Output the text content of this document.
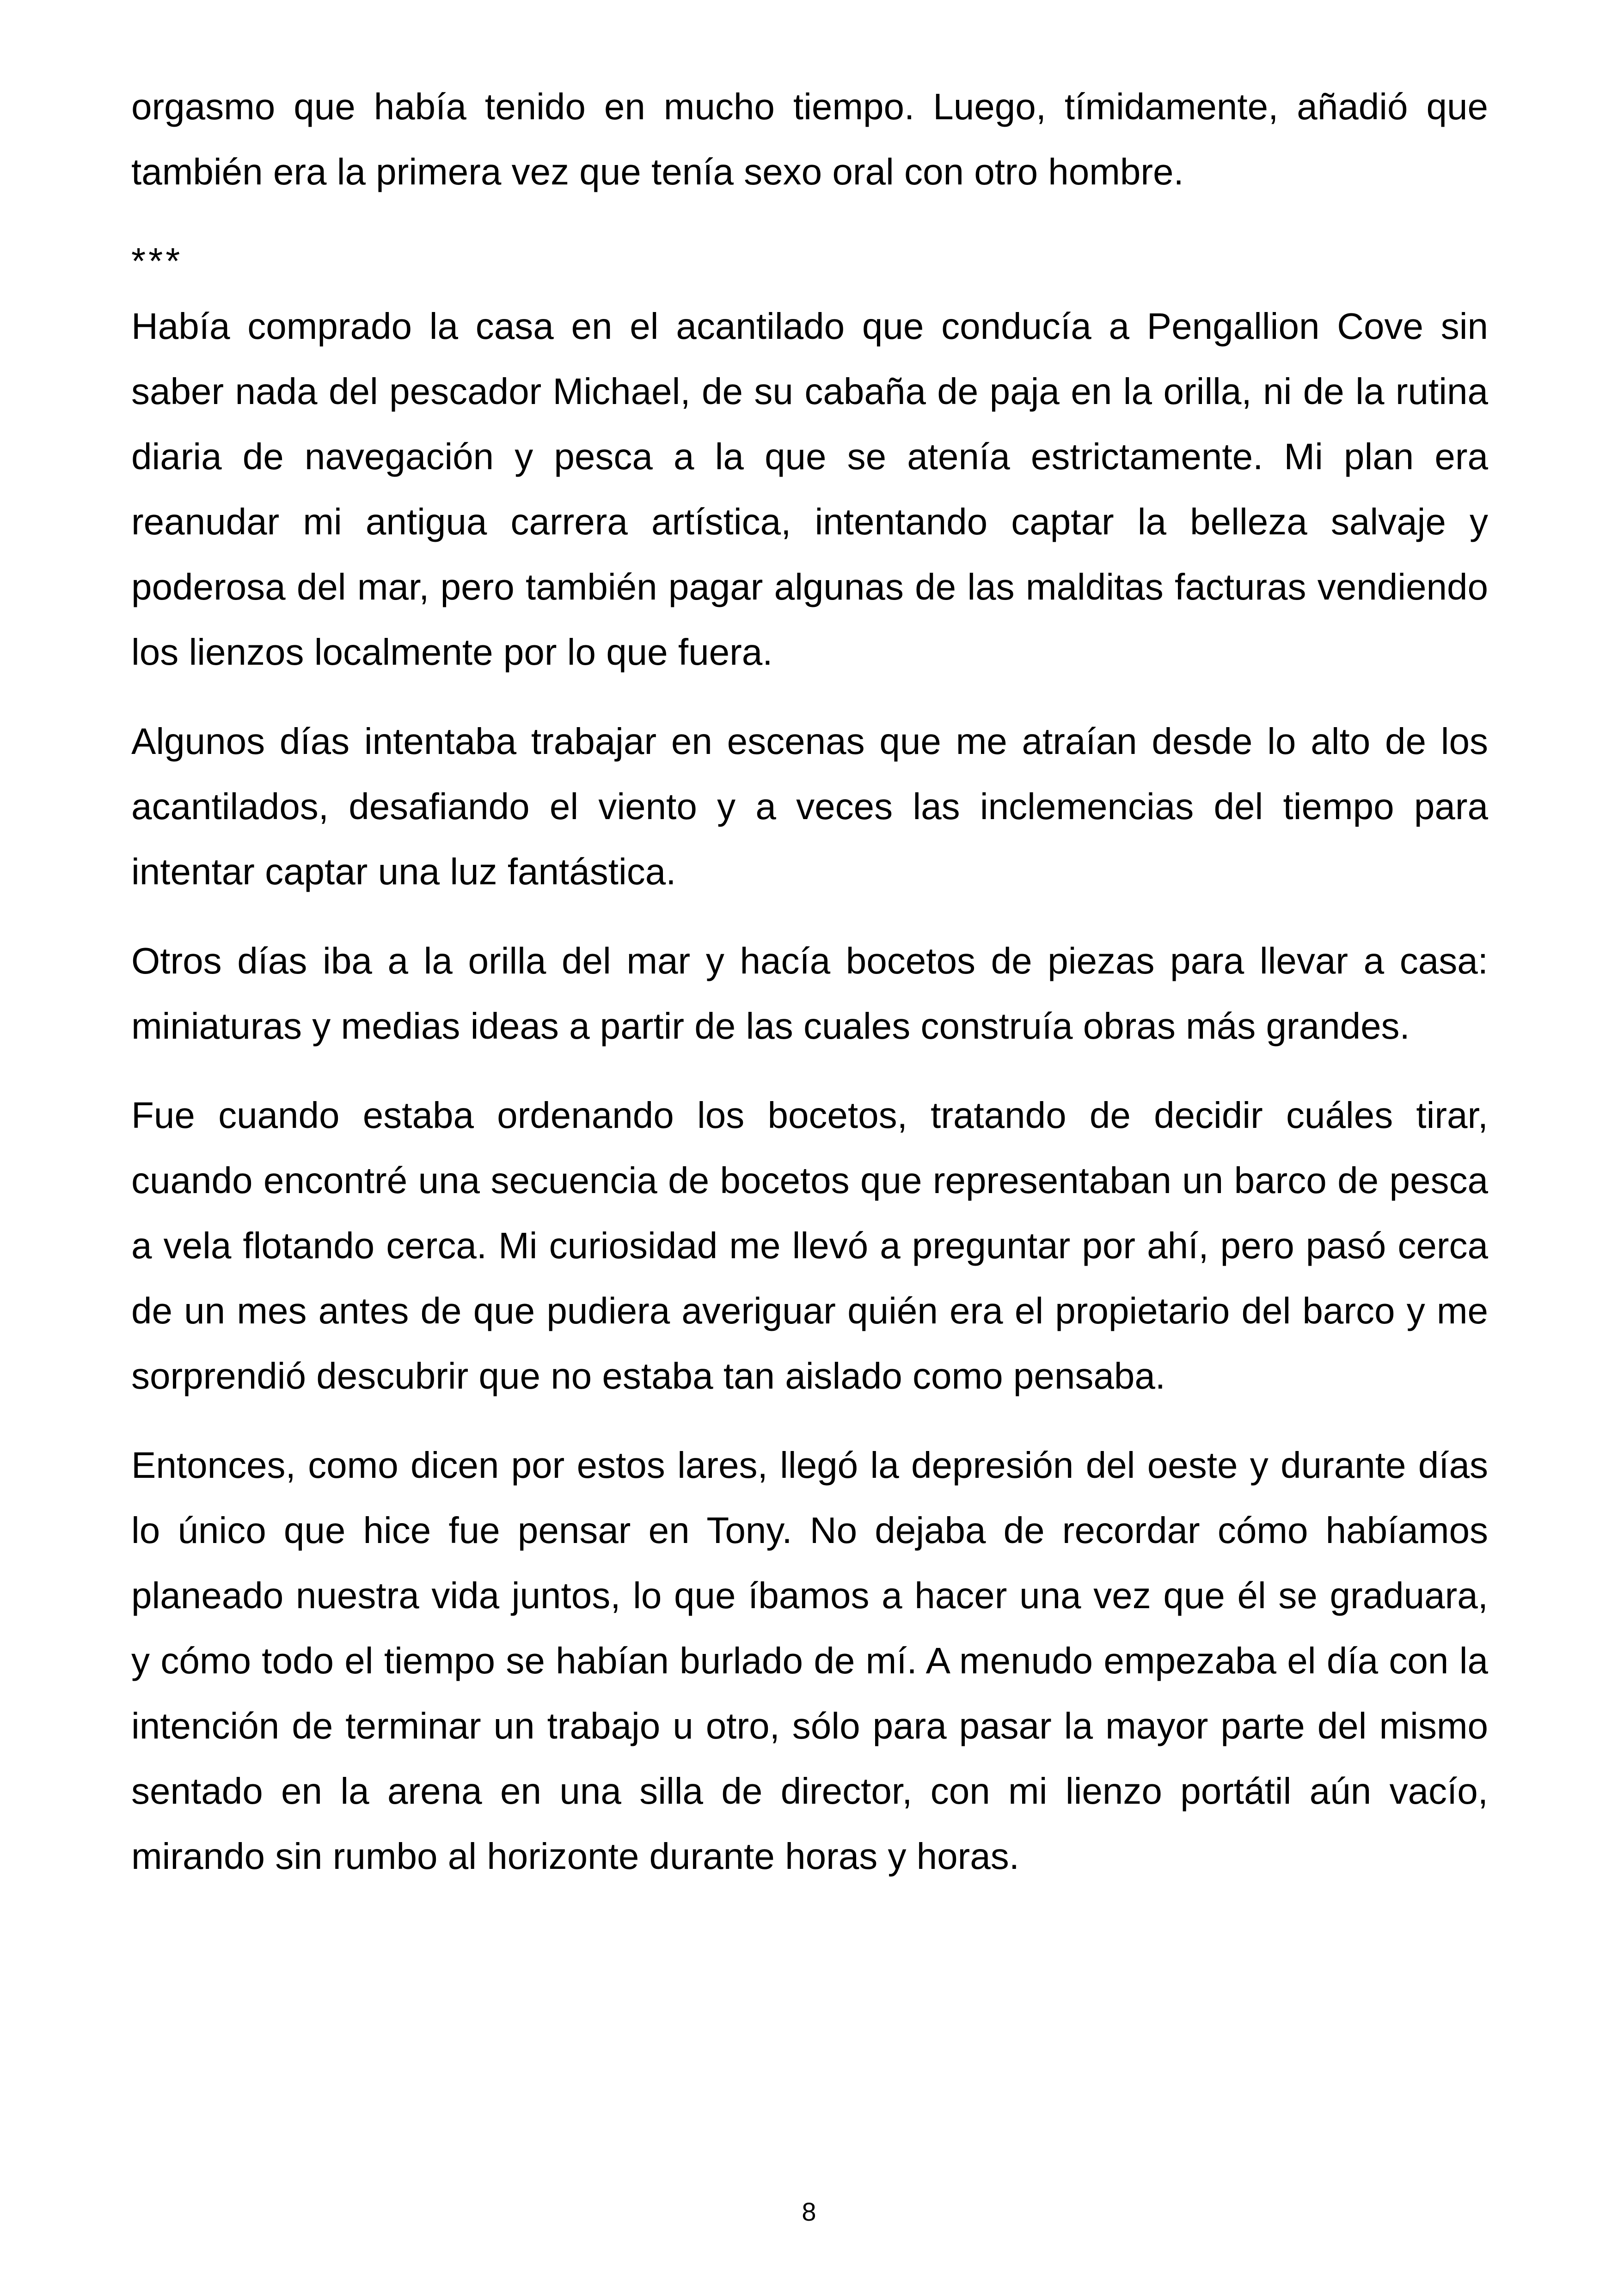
orgasmo que había tenido en mucho tiempo. Luego, tímidamente, añadió que también era la primera vez que tenía sexo oral con otro hombre.

***

Había comprado la casa en el acantilado que conducía a Pengallion Cove sin saber nada del pescador Michael, de su cabaña de paja en la orilla, ni de la rutina diaria de navegación y pesca a la que se atenía estrictamente. Mi plan era reanudar mi antigua carrera artística, intentando captar la belleza salvaje y poderosa del mar, pero también pagar algunas de las malditas facturas vendiendo los lienzos localmente por lo que fuera.

Algunos días intentaba trabajar en escenas que me atraían desde lo alto de los acantilados, desafiando el viento y a veces las inclemencias del tiempo para intentar captar una luz fantástica.

Otros días iba a la orilla del mar y hacía bocetos de piezas para llevar a casa: miniaturas y medias ideas a partir de las cuales construía obras más grandes.

Fue cuando estaba ordenando los bocetos, tratando de decidir cuáles tirar, cuando encontré una secuencia de bocetos que representaban un barco de pesca a vela flotando cerca. Mi curiosidad me llevó a preguntar por ahí, pero pasó cerca de un mes antes de que pudiera averiguar quién era el propietario del barco y me sorprendió descubrir que no estaba tan aislado como pensaba.

Entonces, como dicen por estos lares, llegó la depresión del oeste y durante días lo único que hice fue pensar en Tony. No dejaba de recordar cómo habíamos planeado nuestra vida juntos, lo que íbamos a hacer una vez que él se graduara, y cómo todo el tiempo se habían burlado de mí. A menudo empezaba el día con la intención de terminar un trabajo u otro, sólo para pasar la mayor parte del mismo sentado en la arena en una silla de director, con mi lienzo portátil aún vacío, mirando sin rumbo al horizonte durante horas y horas.

8
